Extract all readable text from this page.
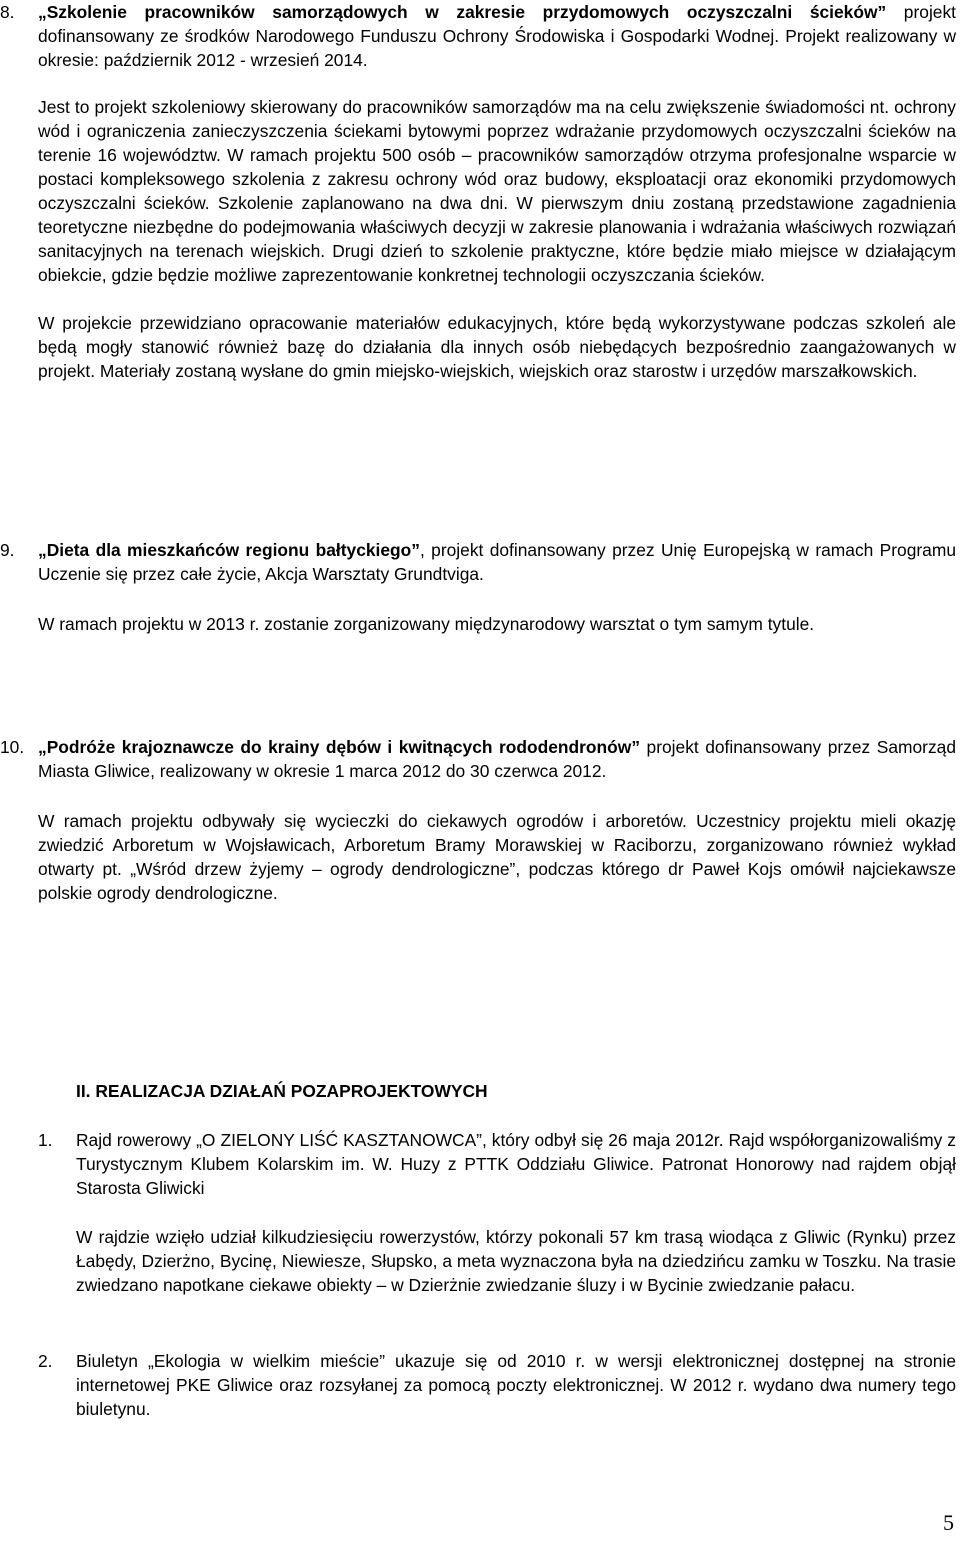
8. „Szkolenie pracowników samorządowych w zakresie przydomowych oczyszczalni ścieków” projekt dofinansowany ze środków Narodowego Funduszu Ochrony Środowiska i Gospodarki Wodnej. Projekt realizowany w okresie: październik 2012 - wrzesień 2014.

Jest to projekt szkoleniowy skierowany do pracowników samorządów ma na celu zwiększenie świadomości nt. ochrony wód i ograniczenia zanieczyszczenia ściekami bytowymi poprzez wdrażanie przydomowych oczyszczalni ścieków na terenie 16 województw. W ramach projektu 500 osób – pracowników samorządów otrzyma profesjonalne wsparcie w postaci kompleksowego szkolenia z zakresu ochrony wód oraz budowy, eksploatacji oraz ekonomiki przydomowych oczyszczalni ścieków. Szkolenie zaplanowano na dwa dni. W pierwszym dniu zostaną przedstawione zagadnienia teoretyczne niezbędne do podejmowania właściwych decyzji w zakresie planowania i wdrażania właściwych rozwiązań sanitacyjnych na terenach wiejskich. Drugi dzień to szkolenie praktyczne, które będzie miało miejsce w działającym obiekcie, gdzie będzie możliwe zaprezentowanie konkretnej technologii oczyszczania ścieków.

W projekcie przewidziano opracowanie materiałów edukacyjnych, które będą wykorzystywane podczas szkoleń ale będą mogły stanowić również bazę do działania dla innych osób niebędących bezpośrednio zaangażowanych w projekt. Materiały zostaną wysłane do gmin miejsko-wiejskich, wiejskich oraz starostw i urzędów marszałkowskich.

9. „Dieta dla mieszkańców regionu bałtyckiego”, projekt dofinansowany przez Unię Europejską w ramach Programu Uczenie się przez całe życie, Akcja Warsztaty Grundtviga.

W ramach projektu w 2013 r. zostanie zorganizowany międzynarodowy warsztat o tym samym tytule.

10. „Podróże krajoznawcze do krainy dębów i kwitnących rododendronów” projekt dofinansowany przez Samorząd Miasta Gliwice, realizowany w okresie 1 marca 2012 do 30 czerwca 2012.

W ramach projektu odbywały się wycieczki do ciekawych ogrodów i arboretów. Uczestnicy projektu mieli okazję zwiedzić Arboretum w Wojsławicach, Arboretum Bramy Morawskiej w Raciborzu, zorganizowano również wykład otwarty pt. „Wśród drzew żyjemy – ogrody dendrologiczne”, podczas którego dr Paweł Kojs omówił najciekawsze polskie ogrody dendrologiczne.

II. REALIZACJA DZIAŁAŃ POZAPROJEKTOWYCH
1. Rajd rowerowy „O ZIELONY LIŚĆ KASZTANOWCA”, który odbył się 26 maja 2012r. Rajd współorganizowaliśmy z Turystycznym Klubem Kolarskim im. W. Huzy z PTTK Oddziału Gliwice. Patronat Honorowy nad rajdem objął Starosta Gliwicki

W rajdzie wzięło udział kilkudziesięciu rowerzystów, którzy pokonali 57 km trasą wiodąca z Gliwic (Rynku) przez Łabędy, Dzierżno, Bycinę, Niewiesze, Słupsko, a meta wyznaczona była na dziedzińcu zamku w Toszku. Na trasie zwiedzano napotkane ciekawe obiekty – w Dzierżnie zwiedzanie śluzy i w Bycinie zwiedzanie pałacu.

2. Biuletyn „Ekologia w wielkim mieście” ukazuje się od 2010 r. w wersji elektronicznej dostępnej na stronie internetowej PKE Gliwice oraz rozsyłanej za pomocą poczty elektronicznej. W 2012 r. wydano dwa numery tego biuletynu.

5
